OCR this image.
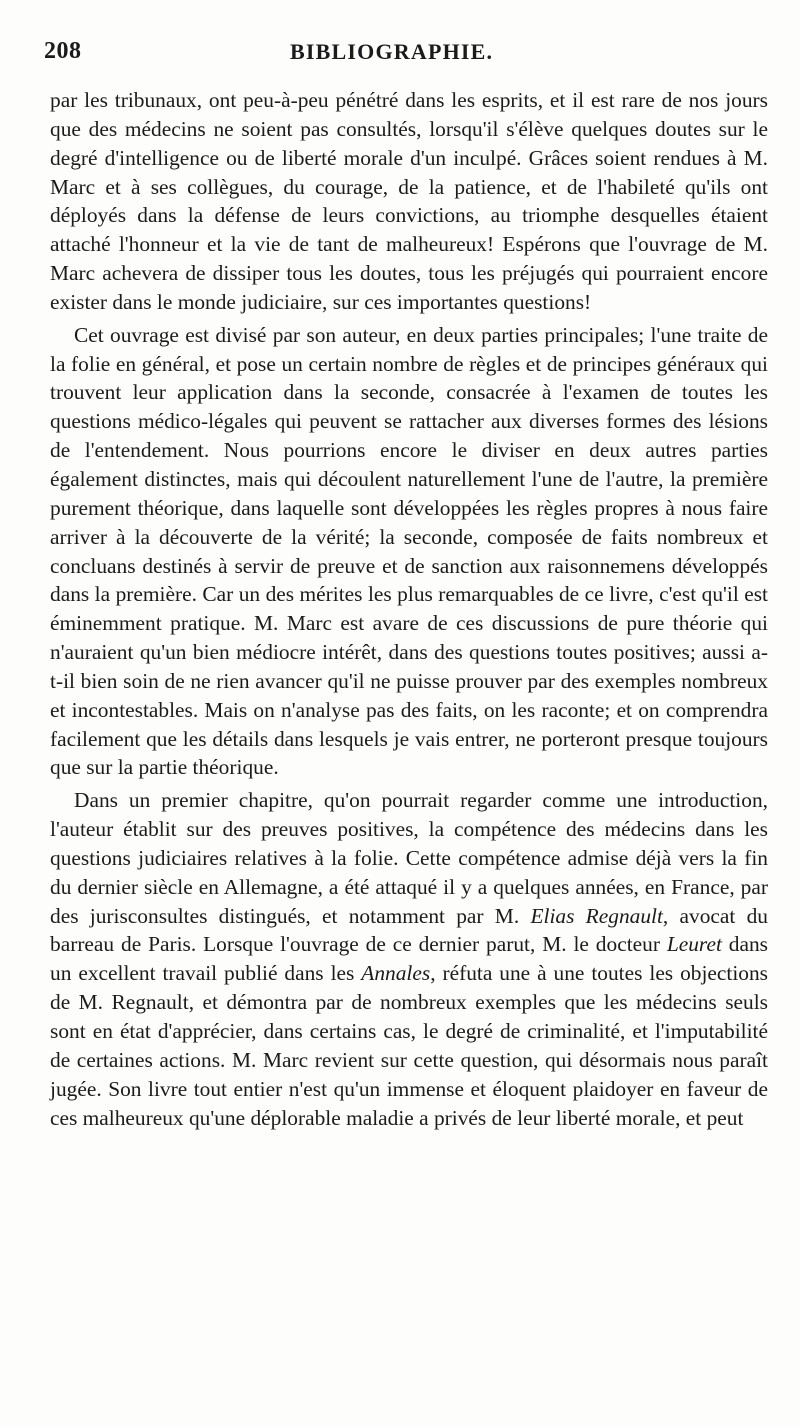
208	BIBLIOGRAPHIE.

par les tribunaux, ont peu-à-peu pénétré dans les esprits, et il est rare de nos jours que des médecins ne soient pas consultés, lorsqu'il s'élève quelques doutes sur le degré d'intelligence ou de liberté morale d'un inculpé. Grâces soient rendues à M. Marc et à ses collègues, du courage, de la patience, et de l'habileté qu'ils ont déployés dans la défense de leurs convictions, au triomphe desquelles étaient attaché l'honneur et la vie de tant de malheureux! Espérons que l'ouvrage de M. Marc achevera de dissiper tous les doutes, tous les préjugés qui pourraient encore exister dans le monde judiciaire, sur ces importantes questions!

Cet ouvrage est divisé par son auteur, en deux parties principales; l'une traite de la folie en général, et pose un certain nombre de règles et de principes généraux qui trouvent leur application dans la seconde, consacrée à l'examen de toutes les questions médico-légales qui peuvent se rattacher aux diverses formes des lésions de l'entendement. Nous pourrions encore le diviser en deux autres parties également distinctes, mais qui découlent naturellement l'une de l'autre, la première purement théorique, dans laquelle sont développées les règles propres à nous faire arriver à la découverte de la vérité; la seconde, composée de faits nombreux et concluans destinés à servir de preuve et de sanction aux raisonnemens développés dans la première. Car un des mérites les plus remarquables de ce livre, c'est qu'il est éminemment pratique. M. Marc est avare de ces discussions de pure théorie qui n'auraient qu'un bien médiocre intérêt, dans des questions toutes positives; aussi a-t-il bien soin de ne rien avancer qu'il ne puisse prouver par des exemples nombreux et incontestables. Mais on n'analyse pas des faits, on les raconte; et on comprendra facilement que les détails dans lesquels je vais entrer, ne porteront presque toujours que sur la partie théorique.

Dans un premier chapitre, qu'on pourrait regarder comme une introduction, l'auteur établit sur des preuves positives, la compétence des médecins dans les questions judiciaires relatives à la folie. Cette compétence admise déjà vers la fin du dernier siècle en Allemagne, a été attaqué il y a quelques années, en France, par des jurisconsultes distingués, et notamment par M. Elias Regnault, avocat du barreau de Paris. Lorsque l'ouvrage de ce dernier parut, M. le docteur Leuret dans un excellent travail publié dans les Annales, réfuta une à une toutes les objections de M. Regnault, et démontra par de nombreux exemples que les médecins seuls sont en état d'apprécier, dans certains cas, le degré de criminalité, et l'imputabilité de certaines actions. M. Marc revient sur cette question, qui désormais nous paraît jugée. Son livre tout entier n'est qu'un immense et éloquent plaidoyer en faveur de ces malheureux qu'une déplorable maladie a privés de leur liberté morale, et peut
